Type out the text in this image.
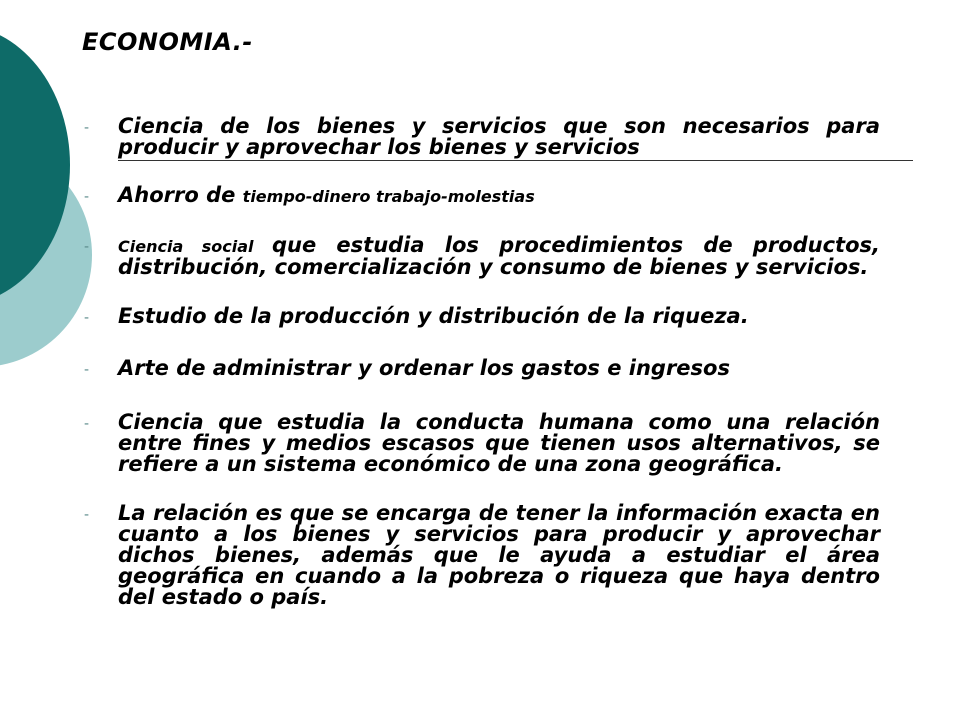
ECONOMIA.-
-	Ciencia de los bienes y servicios que son necesarios para producir y aprovechar los bienes y servicios
-	Ahorro de tiempo-dinero trabajo-molestias
-	Ciencia social que estudia los procedimientos de productos, distribución, comercialización y consumo de bienes y servicios.
-	Estudio de la producción y distribución de la riqueza.
-	Arte de administrar y ordenar los gastos e ingresos
-	Ciencia que estudia la conducta humana como una relación entre fines y medios escasos que tienen usos alternativos, se refiere a un sistema económico de una zona geográfica.
-	La relación es que se encarga de tener la información exacta en cuanto a los bienes y servicios para producir y aprovechar dichos bienes, además que le ayuda a estudiar el área geográfica en cuando a la pobreza o riqueza que haya dentro del estado o país.
